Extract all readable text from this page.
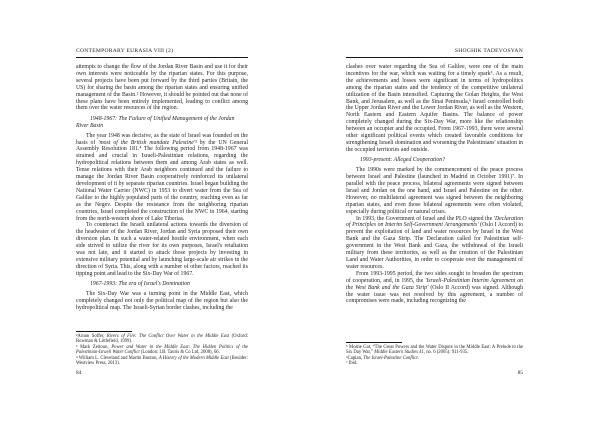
CONTEMPORARY EURASIA VIII (2)

attempts to change the flow of the Jordan River Basin and use it for their own interests were noticeable by the riparian states. For this purpose, several projects have been put forward by the third parties (Britain, the US) for sharing the basin among the riparian states and ensuring unified management of the Basin.² However, it should be pointed out that none of these plans have been entirely implemented, leading to conflict among them over the water resources of the region.

1948-1967: The Failure of Unified Management of the Jordan River Basin

The year 1948 was decisive, as the state of Israel was founded on the basis of 'most of the British mandate Palestine'³ by the UN General Assembly Resolution 181.⁴ The following period from 1948-1967 was strained and crucial in Israeli-Palestinian relations, regarding the hydropolitical relations between them and among Arab states as well. Tense relations with their Arab neighbors continued and the failure to manage the Jordan River Basin cooperatively reinforced its unilateral development of it by separate riparian countries. Israel began building the National Water Carrier (NWC) in 1953 to divert water from the Sea of Galilee to the highly populated parts of the country, reaching even as far as the Negev. Despite the resistance from the neighboring riparian countries, Israel completed the construction of the NWC in 1964, starting from the north-western shore of Lake Tiberias.

To counteract the Israeli unilateral actions towards the diversion of the headwater of the Jordan River, Jordan and Syria proposed their own diversion plan. In such a water-related hostile environment, when each side strived to utilize the river for its own purposes, Israel's retaliation was not late, and it started to attack those projects by investing in extensive military potential and by launching large-scale air strikes in the direction of Syria. This, along with a number of other factors, reached its tipping point and lead to the Six-Day War of 1967.

1967-1993: The era of Israel's Domination

The Six-Day War was a turning point in the Middle East, which completely changed not only the political map of the region but also the hydropolitical map. The Israeli-Syrian border clashes, including the

²Arnon Soffer, Rivers of Fire: The Conflict Over Water in the Middle East (Oxford: Rowman & Littlefield, 1999).

³ Mark Zeitoun, Power and Water in the Middle East: The Hidden Politics of the Palestinian-Israeli Water Conflict (London: I.B. Tauris & Co Ltd, 2008), 66.

⁴ William L. Cleveland and Martin Bunton, A History of the Modern Middle East (Boulder: Westview Press, 2013).

84
SHOGHIK TADEVOSYAN

clashes over water regarding the Sea of Galilee, were one of the main incentives for the war, which was waiting for a timely spark⁵. As a result, the achievements and losses were significant in terms of hydropolitics among the riparian states and the tendency of the competitive unilateral utilization of the Basin intensified. Capturing the Golan Heights, the West Bank, and Jerusalem, as well as the Sinai Peninsula,⁶ Israel controlled both the Upper Jordan River and the Lower Jordan River, as well as the Western, North Eastern and Eastern Aquifer Basins. The balance of power completely changed during the Six-Day War, more like the relationship between an occupier and the occupied. From 1967-1993, there were several other significant political events which created favorable conditions for strengthening Israeli domination and worsening the Palestinians' situation in the occupied territories and outside.

1993-present: Alleged Cooperation?

The 1990s were marked by the commencement of the peace process between Israel and Palestine (launched in Madrid in October 1991)⁷. In parallel with the peace process, bilateral agreements were signed between Israel and Jordan on the one hand, and Israel and Palestine on the other. However, no multilateral agreement was signed between the neighboring riparian states, and even those bilateral agreements were often violated, especially during political or natural crises.

In 1993, the Government of Israel and the PLO signed the 'Declaration of Principles on Interim Self-Government Arrangements' (Oslo I Accord) to prevent the exploitation of land and water resources by Israel in the West Bank and the Gaza Strip. The Declaration called for Palestinian self-government in the West Bank and Gaza, the withdrawal of the Israeli military from these territories, as well as the creation of the Palestinian Land and Water Authorities, in order to cooperate over the management of water resources.

From 1993-1995 period, the two sides sought to broaden the spectrum of cooperation, and, in 1995, the 'Israeli-Palestinian Interim Agreement on the West Bank and the Gaza Strip' (Oslo II Accord) was signed. Although the water issue was not resolved by this agreement, a number of compromises were made, including recognizing the

⁵ Moshe Gat, “The Great Powers and the Water Dispute in the Middle East: A Prelude to the Six Day War,” Middle Eastern Studies 41, no. 6 (2005): 911-935.

⁶Caplan, The Israel-Palestine Conflict.

⁷ Ibid.

85
